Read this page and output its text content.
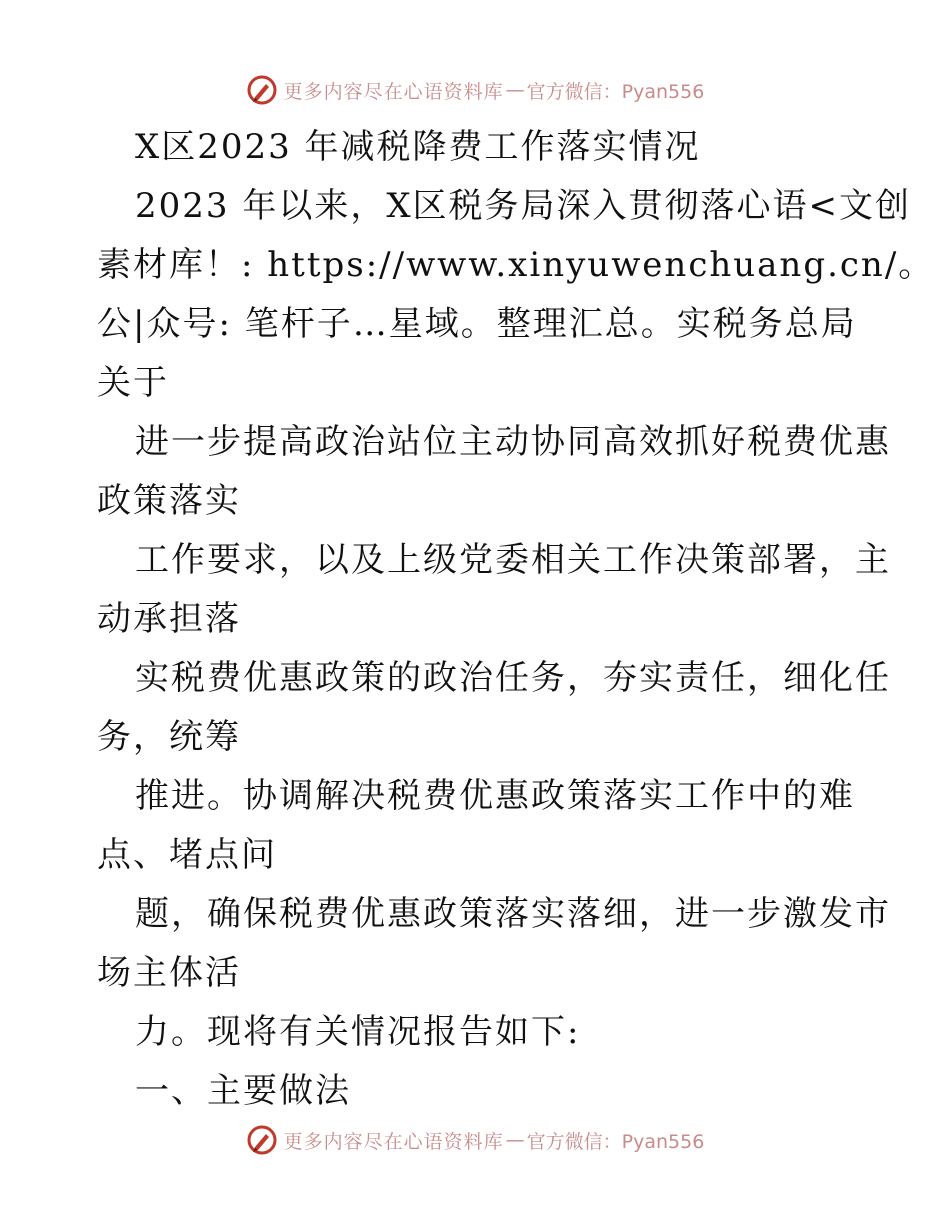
更多内容尽在心语资料库 — 官方微信：Pyan556
X区2023 年减税降费工作落实情况
2023 年以来，X区税务局深入贯彻落心语<文创
素材库！: https://www.xinyuwenchuang.cn/。
公|众号: 笔杆子…星域。整理汇总。实税务总局
关于
进一步提高政治站位主动协同高效抓好税费优惠
政策落实
工作要求，以及上级党委相关工作决策部署，主
动承担落
实税费优惠政策的政治任务，夯实责任，细化任
务，统筹
推进。协调解决税费优惠政策落实工作中的难
点、堵点问
题，确保税费优惠政策落实落细，进一步激发市
场主体活
力。现将有关情况报告如下:
一、主要做法
更多内容尽在心语资料库 — 官方微信：Pyan556
